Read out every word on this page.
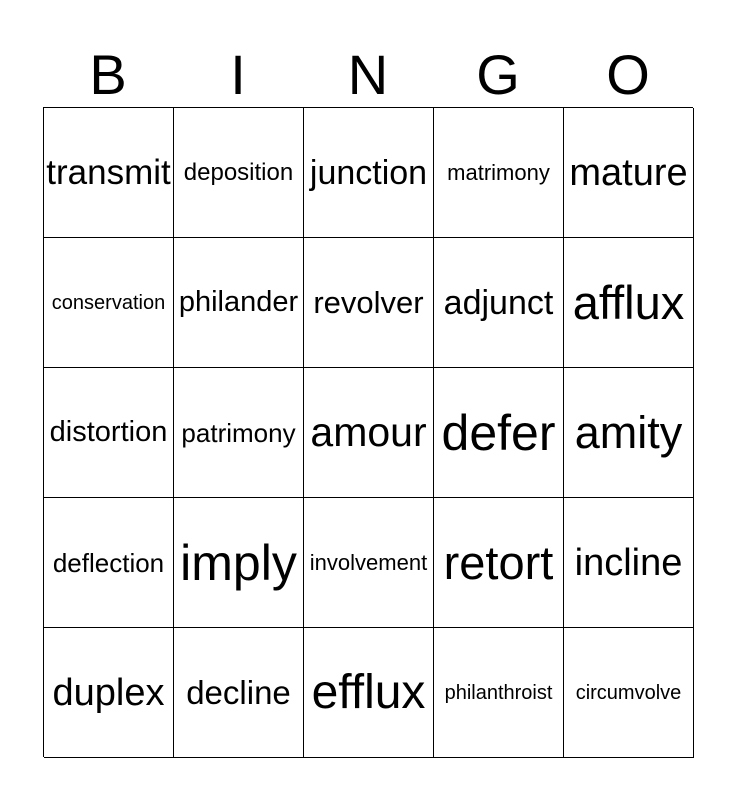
B	I	N	G	O
transmit deposition junction matrimony mature
conservation philander revolver adjunct afflux
distortion patrimony amour defer amity
deflection imply involvement retort incline
duplex decline efflux philanthroist circumvolve
